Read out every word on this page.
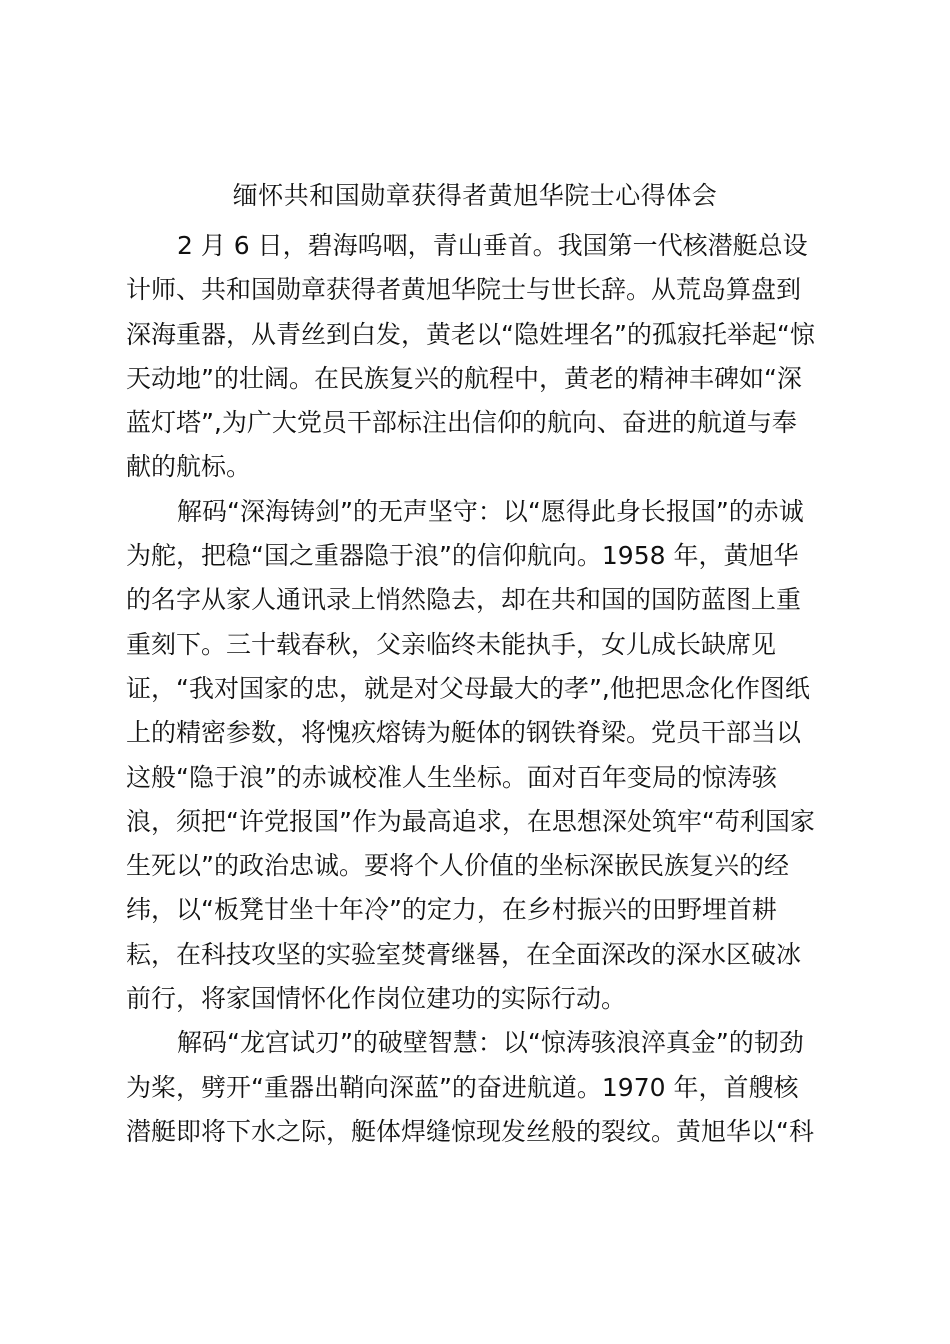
缅怀共和国勋章获得者黄旭华院士心得体会
2 月 6 日，碧海呜咽，青山垂首。我国第一代核潜艇总设
计师、共和国勋章获得者黄旭华院士与世长辞。从荒岛算盘到
深海重器，从青丝到白发，黄老以“隐姓埋名”的孤寂托举起“惊
天动地”的壮阔。在民族复兴的航程中，黄老的精神丰碑如“深
蓝灯塔”,为广大党员干部标注出信仰的航向、奋进的航道与奉
献的航标。
解码“深海铸剑”的无声坚守：以“愿得此身长报国”的赤诚
为舵，把稳“国之重器隐于浪”的信仰航向。1958 年，黄旭华
的名字从家人通讯录上悄然隐去，却在共和国的国防蓝图上重
重刻下。三十载春秋，父亲临终未能执手，女儿成长缺席见
证，“我对国家的忠，就是对父母最大的孝”,他把思念化作图纸
上的精密参数，将愧疚熔铸为艇体的钢铁脊梁。党员干部当以
这般“隐于浪”的赤诚校准人生坐标。面对百年变局的惊涛骇
浪，须把“许党报国”作为最高追求，在思想深处筑牢“苟利国家
生死以”的政治忠诚。要将个人价值的坐标深嵌民族复兴的经
纬，以“板凳甘坐十年冷”的定力，在乡村振兴的田野埋首耕
耘，在科技攻坚的实验室焚膏继晷，在全面深改的深水区破冰
前行，将家国情怀化作岗位建功的实际行动。
解码“龙宫试刃”的破壁智慧：以“惊涛骇浪淬真金”的韧劲
为桨，劈开“重器出鞘向深蓝”的奋进航道。1970 年，首艘核
潜艇即将下水之际，艇体焊缝惊现发丝般的裂纹。黄旭华以“科
